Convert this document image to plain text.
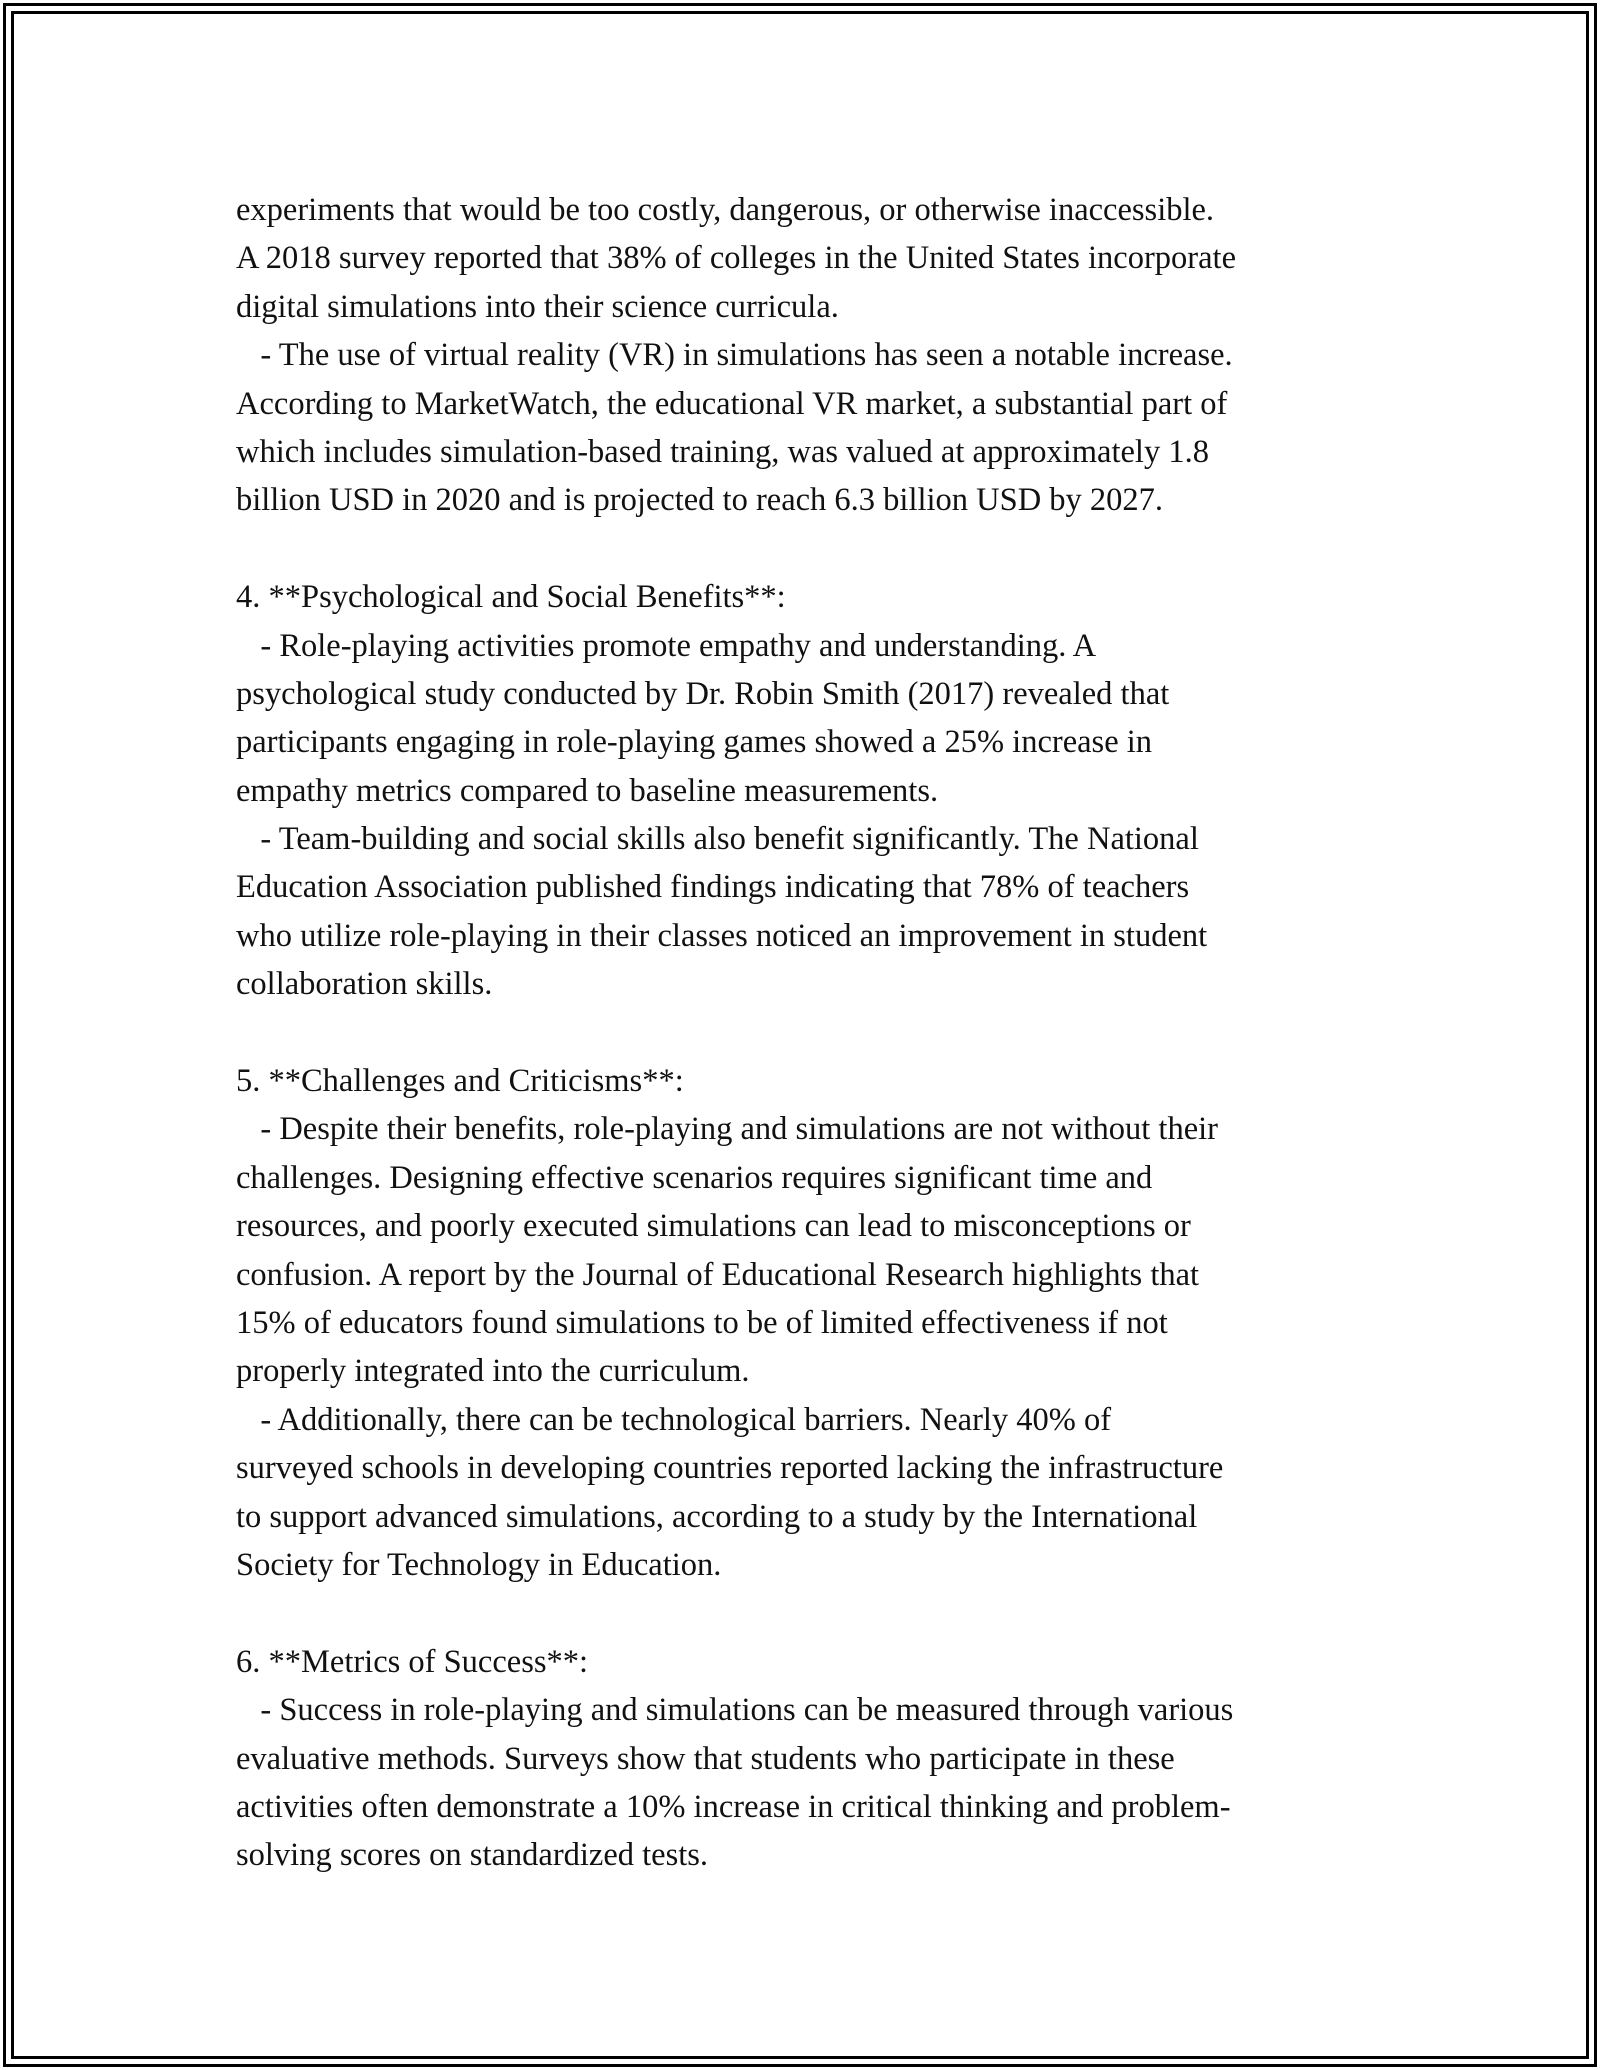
experiments that would be too costly, dangerous, or otherwise inaccessible.
A 2018 survey reported that 38% of colleges in the United States incorporate
digital simulations into their science curricula.
- The use of virtual reality (VR) in simulations has seen a notable increase.
According to MarketWatch, the educational VR market, a substantial part of
which includes simulation-based training, was valued at approximately 1.8
billion USD in 2020 and is projected to reach 6.3 billion USD by 2027.
4. **Psychological and Social Benefits**:
- Role-playing activities promote empathy and understanding. A
psychological study conducted by Dr. Robin Smith (2017) revealed that
participants engaging in role-playing games showed a 25% increase in
empathy metrics compared to baseline measurements.
- Team-building and social skills also benefit significantly. The National
Education Association published findings indicating that 78% of teachers
who utilize role-playing in their classes noticed an improvement in student
collaboration skills.
5. **Challenges and Criticisms**:
- Despite their benefits, role-playing and simulations are not without their
challenges. Designing effective scenarios requires significant time and
resources, and poorly executed simulations can lead to misconceptions or
confusion. A report by the Journal of Educational Research highlights that
15% of educators found simulations to be of limited effectiveness if not
properly integrated into the curriculum.
- Additionally, there can be technological barriers. Nearly 40% of
surveyed schools in developing countries reported lacking the infrastructure
to support advanced simulations, according to a study by the International
Society for Technology in Education.
6. **Metrics of Success**:
- Success in role-playing and simulations can be measured through various
evaluative methods. Surveys show that students who participate in these
activities often demonstrate a 10% increase in critical thinking and problem-
solving scores on standardized tests.
